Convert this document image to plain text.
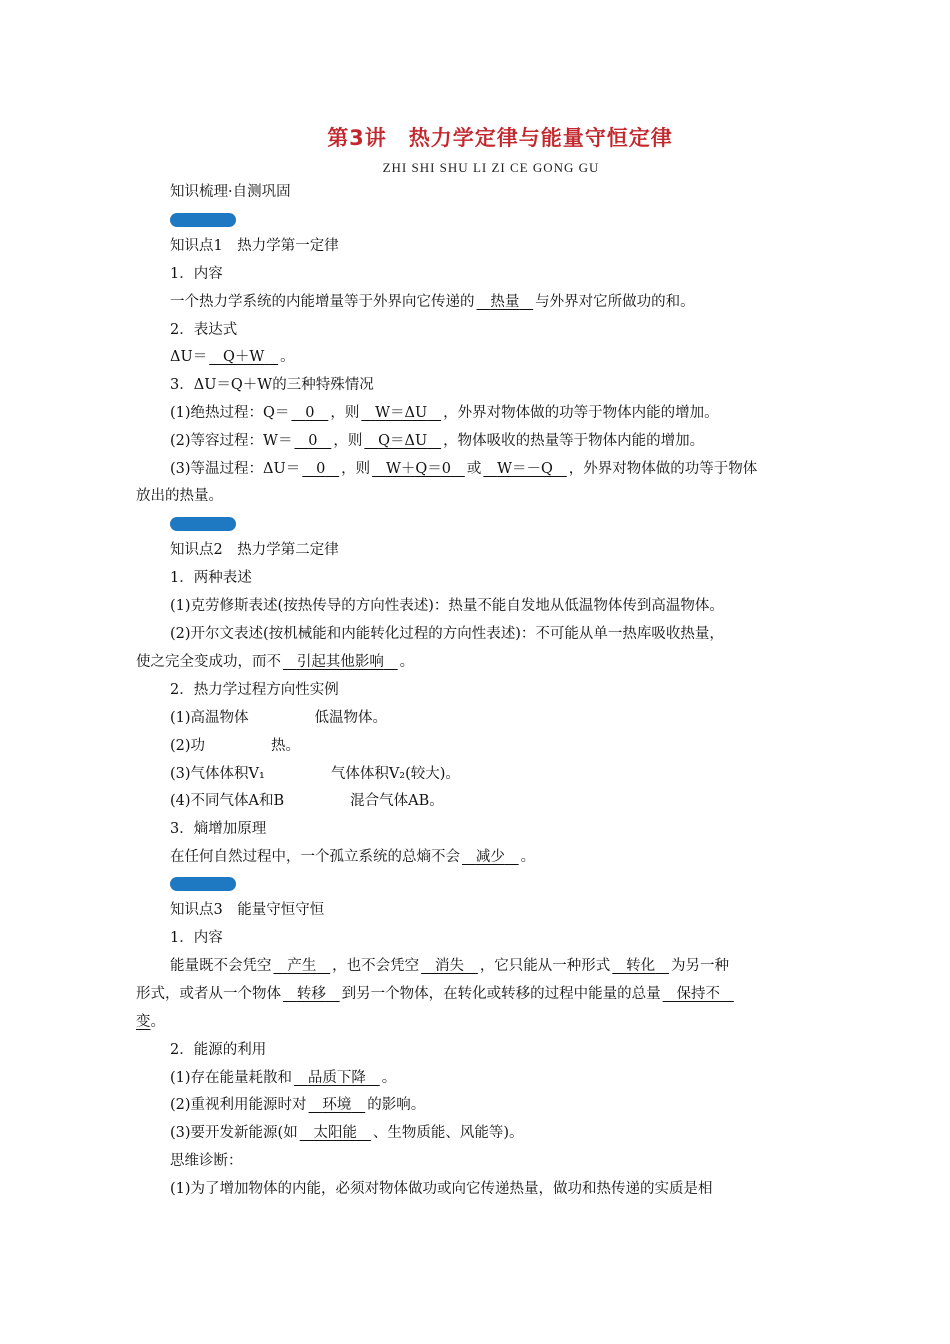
第3讲　热力学定律与能量守恒定律
ZHI SHI SHU LI ZI CE GONG GU
知识梳理·自测巩固
知识点1　热力学第一定律
1．内容
一个热力学系统的内能增量等于外界向它传递的 热量 与外界对它所做功的和。
2．表达式
ΔU＝ Q＋W 。
3．ΔU＝Q＋W的三种特殊情况
(1)绝热过程：Q＝ 0 ，则 W＝ΔU ，外界对物体做的功等于物体内能的增加。
(2)等容过程：W＝ 0 ，则 Q＝ΔU ，物体吸收的热量等于物体内能的增加。
(3)等温过程：ΔU＝ 0 ，则 W＋Q＝0 或 W＝－Q ，外界对物体做的功等于物体
放出的热量。
知识点2　热力学第二定律
1．两种表述
(1)克劳修斯表述(按热传导的方向性表述)：热量不能自发地从低温物体传到高温物体。
(2)开尔文表述(按机械能和内能转化过程的方向性表述)：不可能从单一热库吸收热量，
使之完全变成功，而不 引起其他影响 。
2．热力学过程方向性实例
(1)高温物体	低温物体。
(2)功	热。
(3)气体体积V₁	气体体积V₂(较大)。
(4)不同气体A和B	混合气体AB。
3．熵增加原理
在任何自然过程中，一个孤立系统的总熵不会 减少 。
知识点3　能量守恒守恒
1．内容
能量既不会凭空 产生 ，也不会凭空 消失 ，它只能从一种形式 转化 为另一种
形式，或者从一个物体 转移 到另一个物体，在转化或转移的过程中能量的总量 保持不
变。
2．能源的利用
(1)存在能量耗散和 品质下降 。
(2)重视利用能源时对 环境 的影响。
(3)要开发新能源(如 太阳能 、生物质能、风能等)。
思维诊断：
(1)为了增加物体的内能，必须对物体做功或向它传递热量，做功和热传递的实质是相
